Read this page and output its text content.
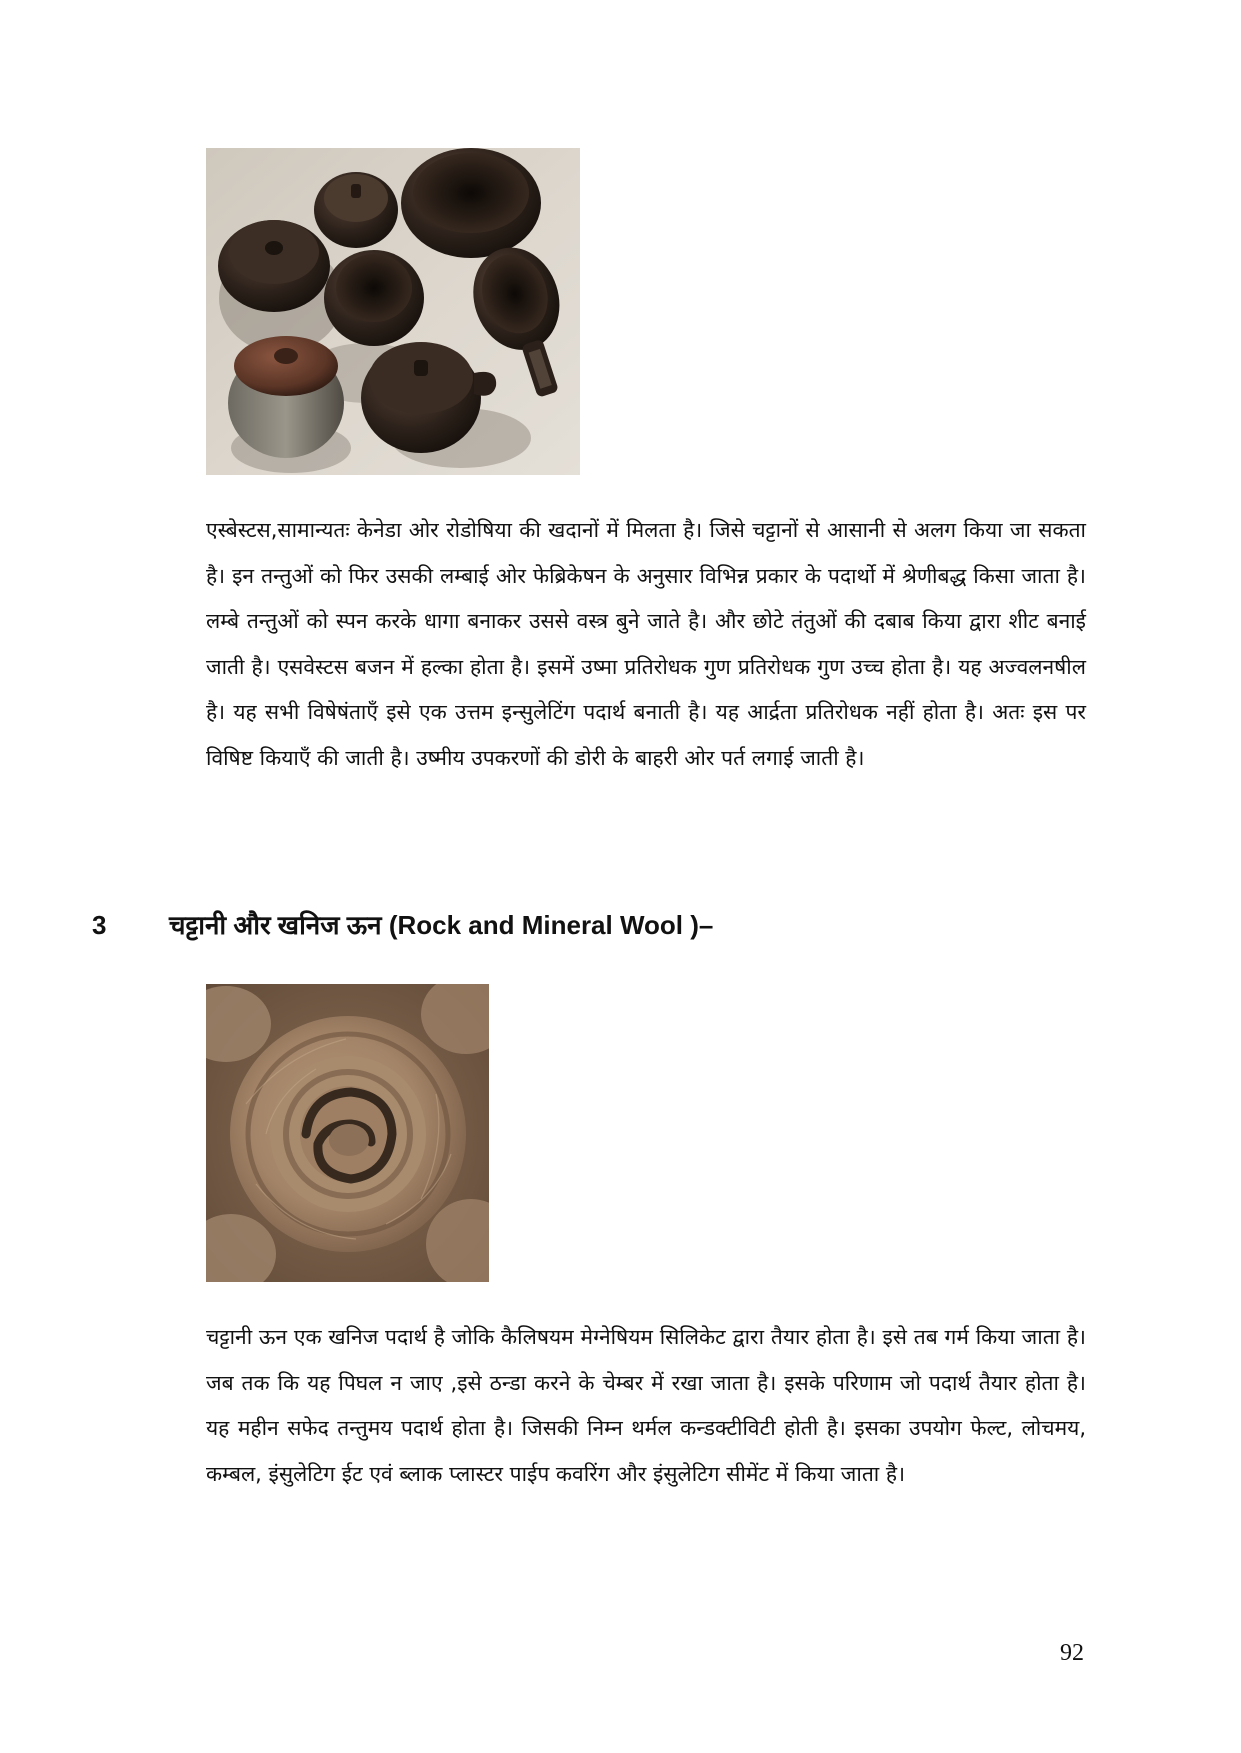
एस्बेस्टस,सामान्यतः केनेडा ओर रोडोषिया की खदानों में मिलता है। जिसे चट्टानों से आसानी से अलग किया जा सकता है। इन तन्तुओं को फिर उसकी लम्बाई ओर फेब्रिकेषन के अनुसार विभिन्न प्रकार के पदार्थो में श्रेणीबद्ध किसा जाता है। लम्बे तन्तुओं को स्पन करके धागा बनाकर उससे वस्त्र बुने जाते है। और छोटे तंतुओं की दबाब किया द्वारा शीट बनाई जाती है। एसवेस्टस बजन में हल्का होता है। इसमें उष्मा प्रतिरोधक गुण प्रतिरोधक गुण उच्च होता है। यह अज्वलनषील है। यह सभी विषेषंताएँ इसे एक उत्तम इन्सुलेटिंग पदार्थ बनाती है। यह आर्द्रता प्रतिरोधक नहीं होता है। अतः इस पर विषिष्ट कियाएँ की जाती है। उष्मीय उपकरणों की डोरी के बाहरी ओर पर्त लगाई जाती है।

3 चट्टानी और खनिज ऊन (Rock and Mineral Wool )–

चट्टानी ऊन एक खनिज पदार्थ है जोकि कैलिषयम मेग्नेषियम सिलिकेट द्वारा तैयार होता है। इसे तब गर्म किया जाता है। जब तक कि यह पिघल न जाए ,इसे ठन्डा करने के चेम्बर में रखा जाता है। इसके परिणाम जो पदार्थ तैयार होता है। यह महीन सफेद तन्तुमय पदार्थ होता है। जिसकी निम्न थर्मल कन्डक्टीविटी होती है। इसका उपयोग फेल्ट, लोचमय, कम्बल, इंसुलेटिग ईट एवं ब्लाक प्लास्टर पाईप कवरिंग और इंसुलेटिग सीमेंट में किया जाता है।

92
